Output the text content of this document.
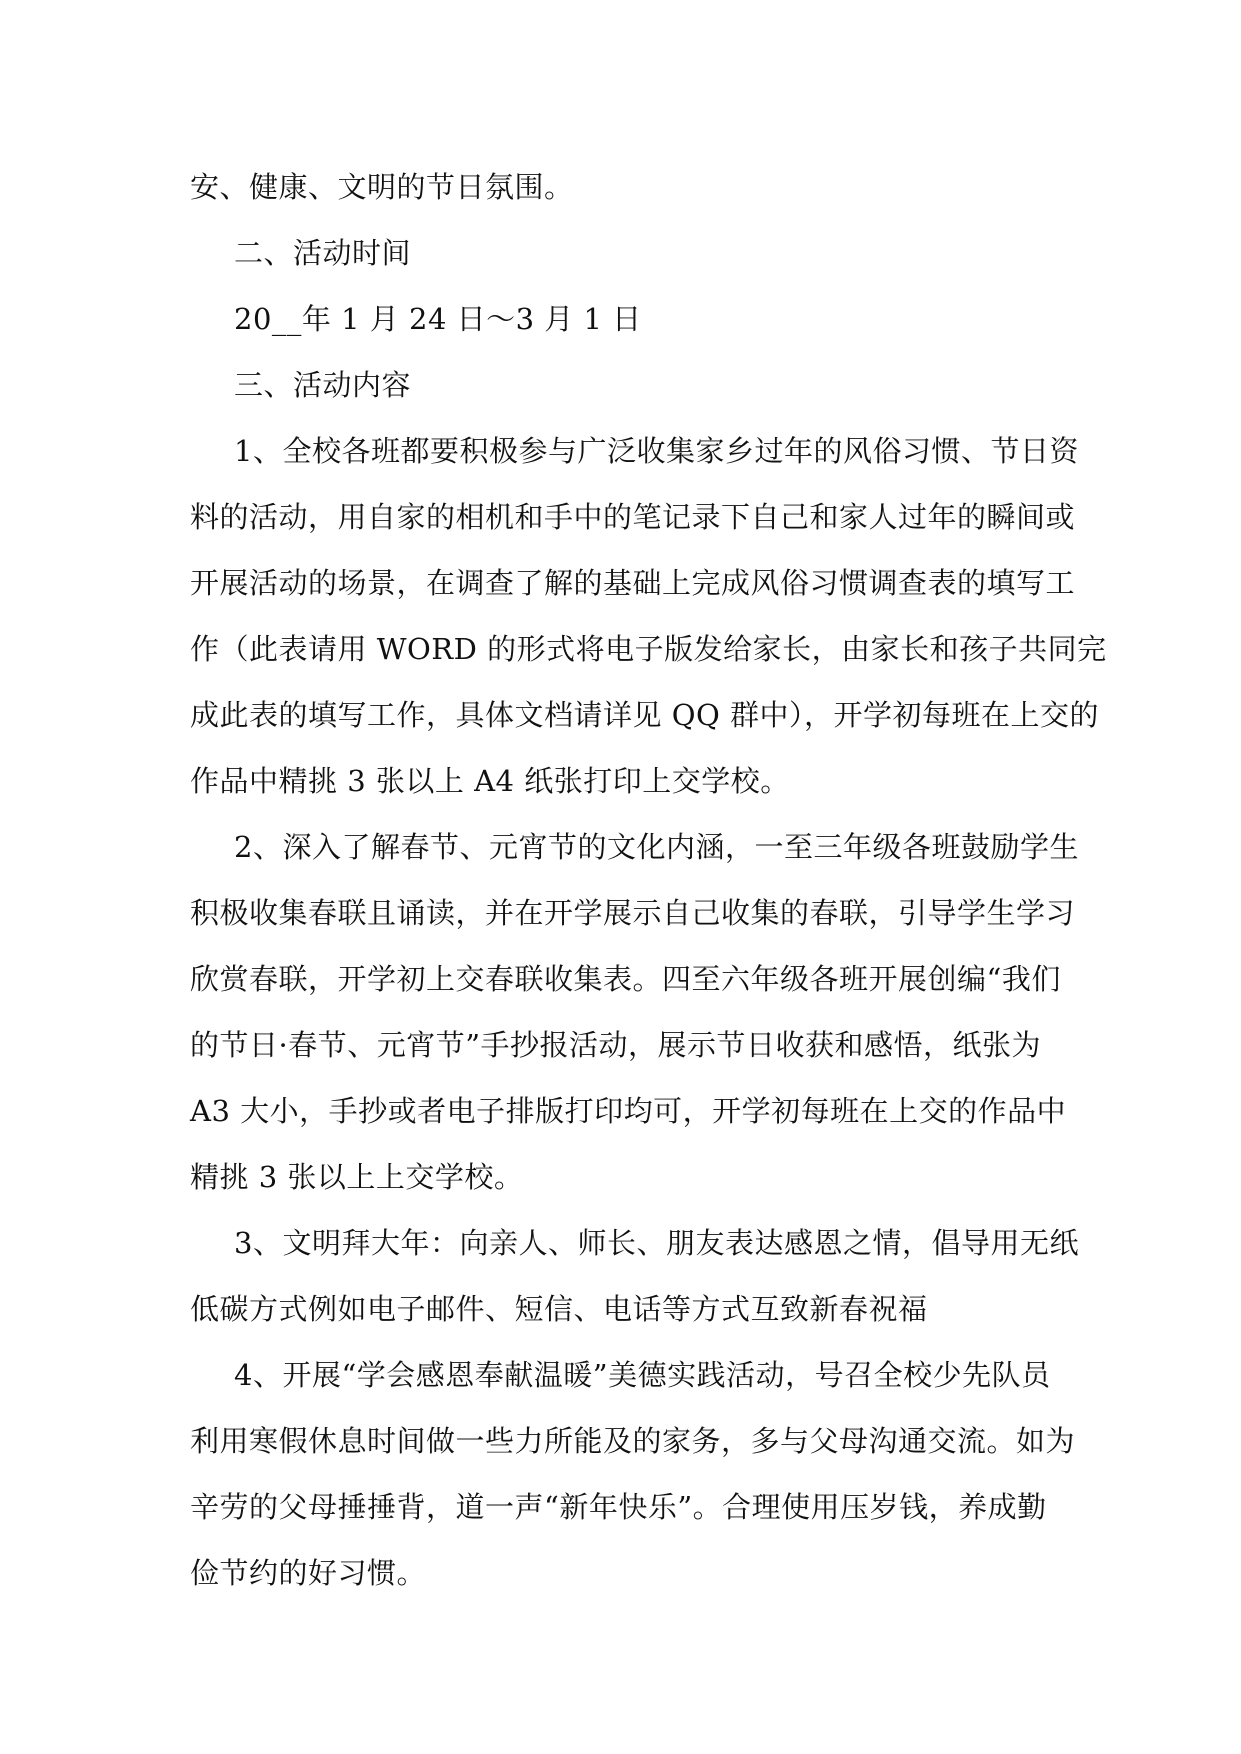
安、健康、文明的节日氛围。
二、活动时间
20__年 1 月 24 日～3 月 1 日
三、活动内容
1、全校各班都要积极参与广泛收集家乡过年的风俗习惯、节日资
料的活动，用自家的相机和手中的笔记录下自己和家人过年的瞬间或
开展活动的场景，在调查了解的基础上完成风俗习惯调查表的填写工
作（此表请用 WORD 的形式将电子版发给家长，由家长和孩子共同完
成此表的填写工作，具体文档请详见 QQ 群中），开学初每班在上交的
作品中精挑 3 张以上 A4 纸张打印上交学校。
2、深入了解春节、元宵节的文化内涵，一至三年级各班鼓励学生
积极收集春联且诵读，并在开学展示自己收集的春联，引导学生学习
欣赏春联，开学初上交春联收集表。四至六年级各班开展创编“我们
的节日·春节、元宵节”手抄报活动，展示节日收获和感悟，纸张为
A3 大小，手抄或者电子排版打印均可，开学初每班在上交的作品中
精挑 3 张以上上交学校。
3、文明拜大年：向亲人、师长、朋友表达感恩之情，倡导用无纸
低碳方式例如电子邮件、短信、电话等方式互致新春祝福
4、开展“学会感恩奉献温暖”美德实践活动，号召全校少先队员
利用寒假休息时间做一些力所能及的家务，多与父母沟通交流。如为
辛劳的父母捶捶背，道一声“新年快乐”。合理使用压岁钱，养成勤
俭节约的好习惯。
